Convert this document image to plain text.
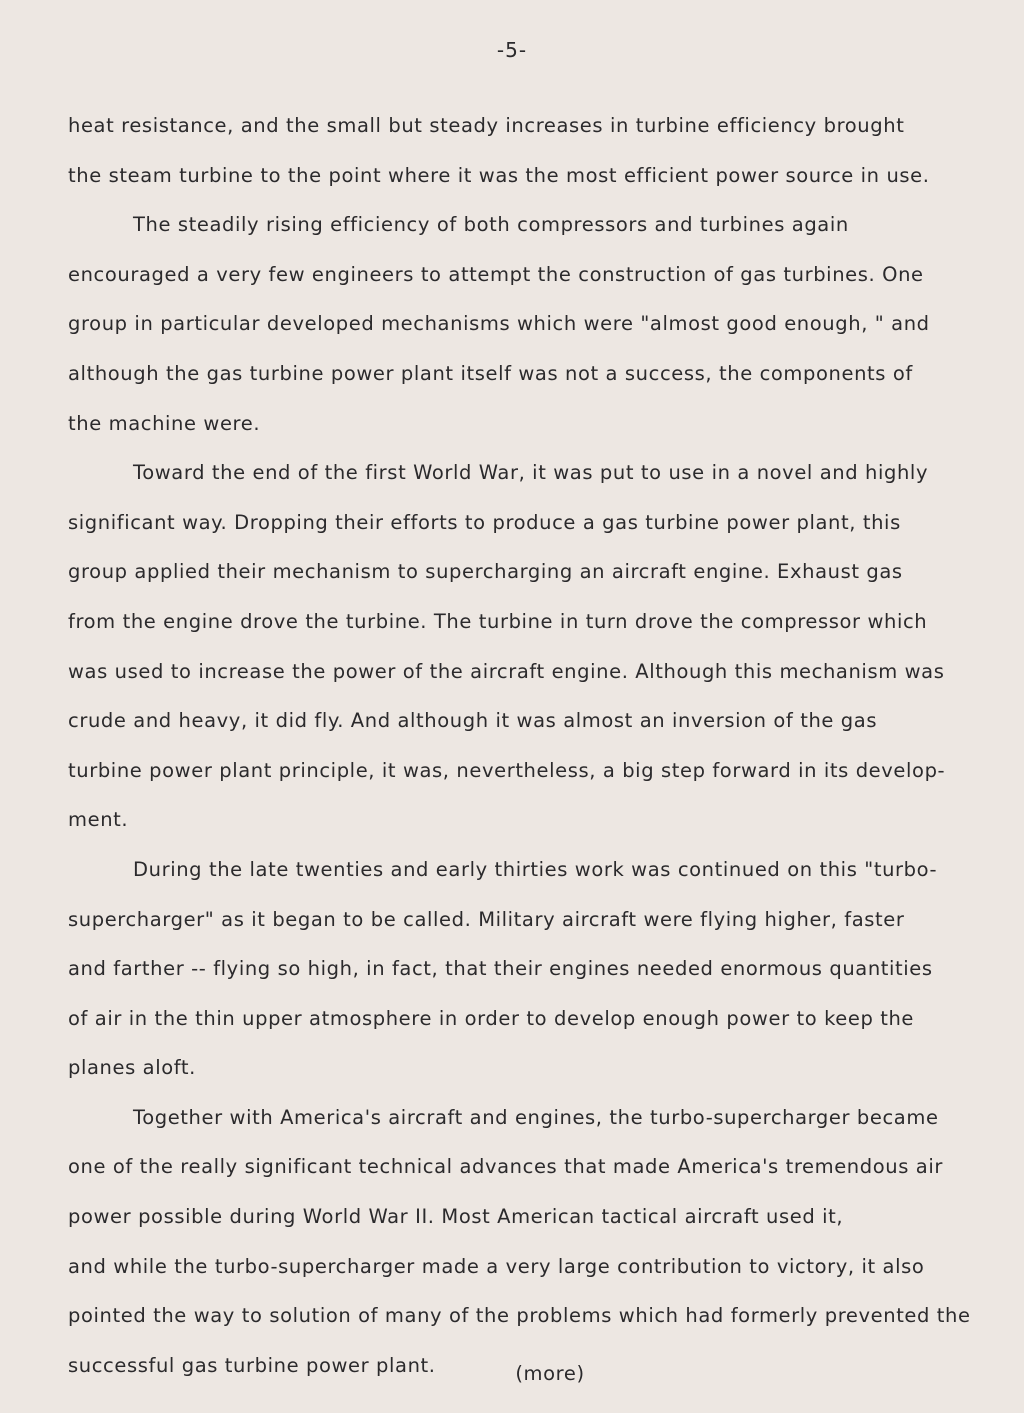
-5-
heat resistance, and the small but steady increases in turbine efficiency brought
the steam turbine to the point where it was the most efficient power source in use.
The steadily rising efficiency of both compressors and turbines again
encouraged a very few engineers to attempt the construction of gas turbines. One
group in particular developed mechanisms which were "almost good enough, " and
although the gas turbine power plant itself was not a success, the components of
the machine were.
Toward the end of the first World War, it was put to use in a novel and highly
significant way. Dropping their efforts to produce a gas turbine power plant, this
group applied their mechanism to supercharging an aircraft engine. Exhaust gas
from the engine drove the turbine. The turbine in turn drove the compressor which
was used to increase the power of the aircraft engine. Although this mechanism was
crude and heavy, it did fly. And although it was almost an inversion of the gas
turbine power plant principle, it was, nevertheless, a big step forward in its develop-
ment.
During the late twenties and early thirties work was continued on this "turbo-
supercharger" as it began to be called. Military aircraft were flying higher, faster
and farther -- flying so high, in fact, that their engines needed enormous quantities
of air in the thin upper atmosphere in order to develop enough power to keep the
planes aloft.
Together with America's aircraft and engines, the turbo-supercharger became
one of the really significant technical advances that made America's tremendous air
power possible during World War II. Most American tactical aircraft used it,
and while the turbo-supercharger made a very large contribution to victory, it also
pointed the way to solution of many of the problems which had formerly prevented the
successful gas turbine power plant.	(more)
